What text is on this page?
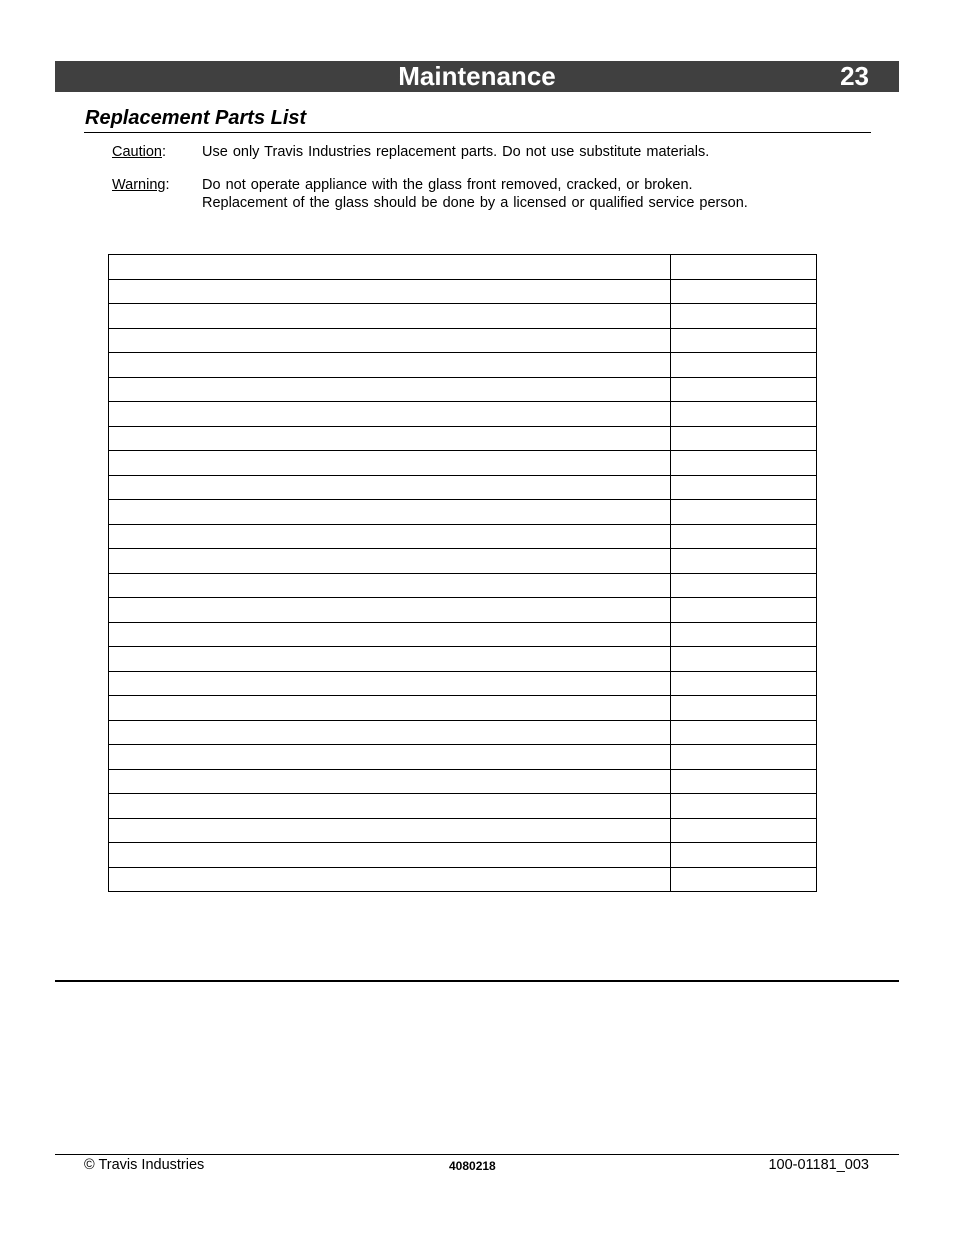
Maintenance	23
Replacement Parts List
Caution: Use only Travis Industries replacement parts. Do not use substitute materials.
Warning: Do not operate appliance with the glass front removed, cracked, or broken.
Replacement of the glass should be done by a licensed or qualified service person.

© Travis Industries	4080218	100-01181_003
